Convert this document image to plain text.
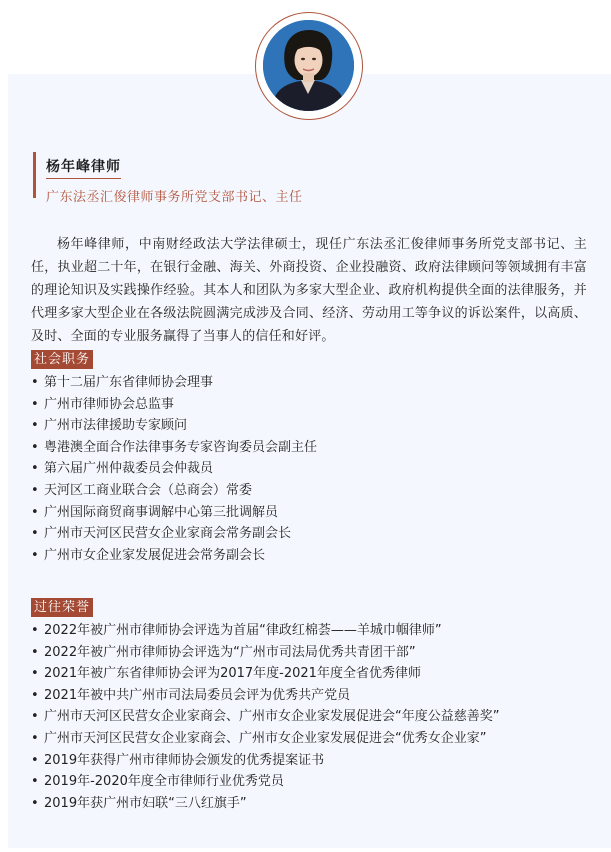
杨年峰律师
广东法丞汇俊律师事务所党支部书记、主任

杨年峰律师，中南财经政法大学法律硕士，现任广东法丞汇俊律师事务所党支部书记、主任，执业超二十年，在银行金融、海关、外商投资、企业投融资、政府法律顾问等领域拥有丰富的理论知识及实践操作经验。其本人和团队为多家大型企业、政府机构提供全面的法律服务，并代理多家大型企业在各级法院圆满完成涉及合同、经济、劳动用工等争议的诉讼案件，以高质、及时、全面的专业服务赢得了当事人的信任和好评。

社会职务
• 第十二届广东省律师协会理事
• 广州市律师协会总监事
• 广州市法律援助专家顾问
• 粤港澳全面合作法律事务专家咨询委员会副主任
• 第六届广州仲裁委员会仲裁员
• 天河区工商业联合会（总商会）常委
• 广州国际商贸商事调解中心第三批调解员
• 广州市天河区民营女企业家商会常务副会长
• 广州市女企业家发展促进会常务副会长
过往荣誉
• 2022年被广州市律师协会评选为首届“律政红棉荟——羊城巾帼律师”
• 2022年被广州市律师协会评选为“广州市司法局优秀共青团干部”
• 2021年被广东省律师协会评为2017年度-2021年度全省优秀律师
• 2021年被中共广州市司法局委员会评为优秀共产党员
• 广州市天河区民营女企业家商会、广州市女企业家发展促进会“年度公益慈善奖”
• 广州市天河区民营女企业家商会、广州市女企业家发展促进会“优秀女企业家”
• 2019年获得广州市律师协会颁发的优秀提案证书
• 2019年-2020年度全市律师行业优秀党员
• 2019年获广州市妇联“三八红旗手”
